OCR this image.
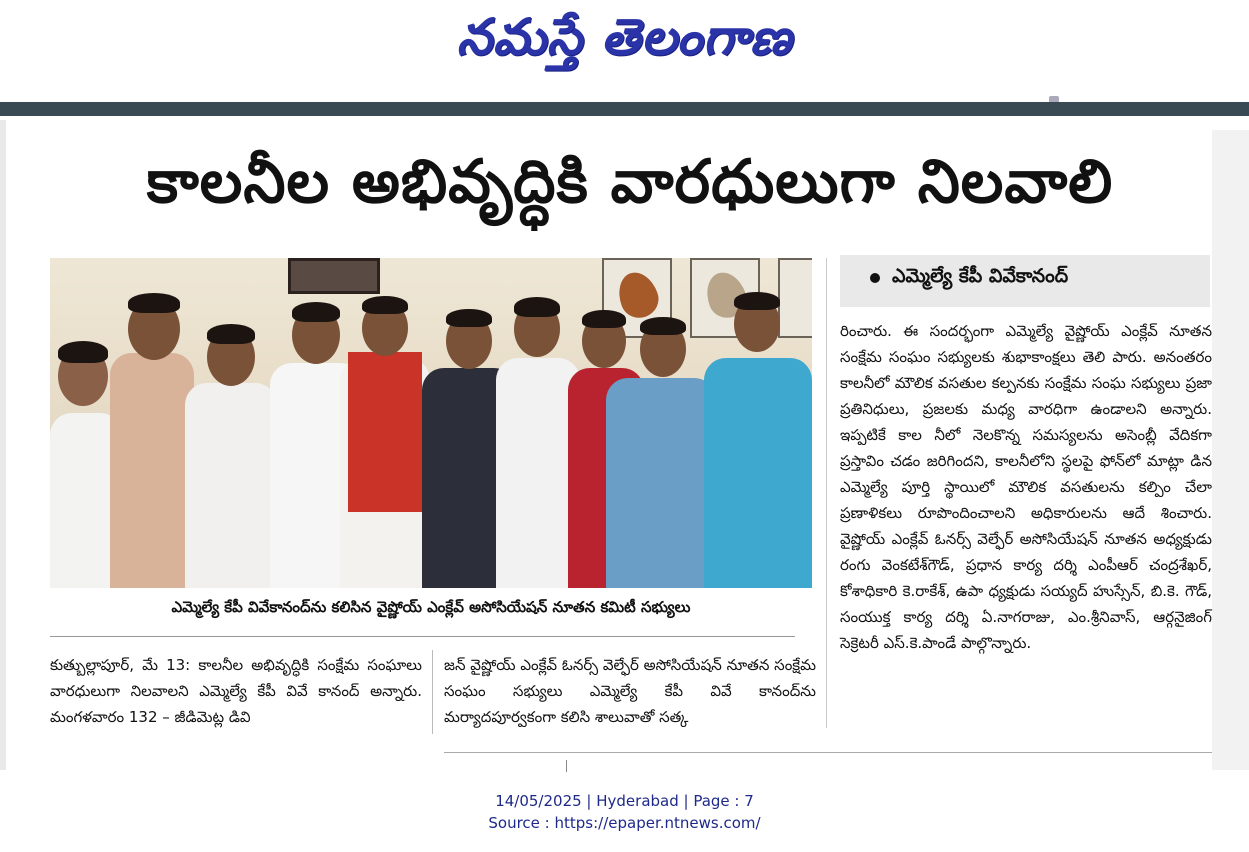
నమస్తే తెలంగాణ
కాలనీల అభివృద్ధికి వారధులుగా నిలవాలి
ఎమ్మెల్యే కేపీ వివేకానంద్‌ను కలిసిన వైష్ణోయ్ ఎంక్లేవ్ అసోసియేషన్ నూతన కమిటీ సభ్యులు
కుత్బుల్లాపూర్, మే 13: కాలనీల అభివృద్ధికి సంక్షేమ సంఘాలు వారధులుగా నిలవాలని ఎమ్మెల్యే కేపీ వివే కానంద్ అన్నారు. మంగళవారం 132 – జీడిమెట్ల డివి
జన్ వైష్ణోయ్ ఎంక్లేవ్ ఓనర్స్ వెల్ఫేర్ అసోసియేషన్ నూతన సంక్షేమ సంఘం సభ్యులు ఎమ్మెల్యే కేపీ వివే కానంద్‌ను మర్యాదపూర్వకంగా కలిసి శాలువాతో సత్క
ఎమ్మెల్యే కేపీ వివేకానంద్
రించారు. ఈ సందర్భంగా ఎమ్మెల్యే వైష్ణోయ్ ఎంక్లేవ్ నూతన సంక్షేమ సంఘం సభ్యులకు శుభాకాంక్షలు తెలి పారు. అనంతరం కాలనీలో మౌలిక వసతుల కల్పనకు సంక్షేమ సంఘ సభ్యులు ప్రజా ప్రతినిధులు, ప్రజలకు మధ్య వారధిగా ఉండాలని అన్నారు. ఇప్పటికే కాల నీలో నెలకొన్న సమస్యలను అసెంబ్లీ వేదికగా ప్రస్తావిం చడం జరిగిందని, కాలనీలోని స్థలపై ఫోన్‌లో మాట్లా డిన ఎమ్మెల్యే పూర్తి స్థాయిలో మౌలిక వసతులను కల్పిం చేలా ప్రణాళికలు రూపొందించాలని అధికారులను ఆదే శించారు. వైష్ణోయ్ ఎంక్లేవ్ ఓనర్స్ వెల్ఫేర్ అసోసియేషన్ నూతన అధ్యక్షుడు రంగు వెంకటేశ్‌గౌడ్, ప్రధాన కార్య దర్శి ఎంపీఆర్ చంద్రశేఖర్, కోశాధికారి కె.రాకేశ్, ఉపా ధ్యక్షుడు సయ్యద్ హుస్సేన్, బి.కె. గౌడ్, సంయుక్త కార్య దర్శి ఏ.నాగరాజు, ఎం.శ్రీనివాస్, ఆర్గనైజింగ్ సెక్రెటరీ ఎస్.కె.పాండే పాల్గొన్నారు.
14/05/2025 | Hyderabad | Page : 7
Source : https://epaper.ntnews.com/
